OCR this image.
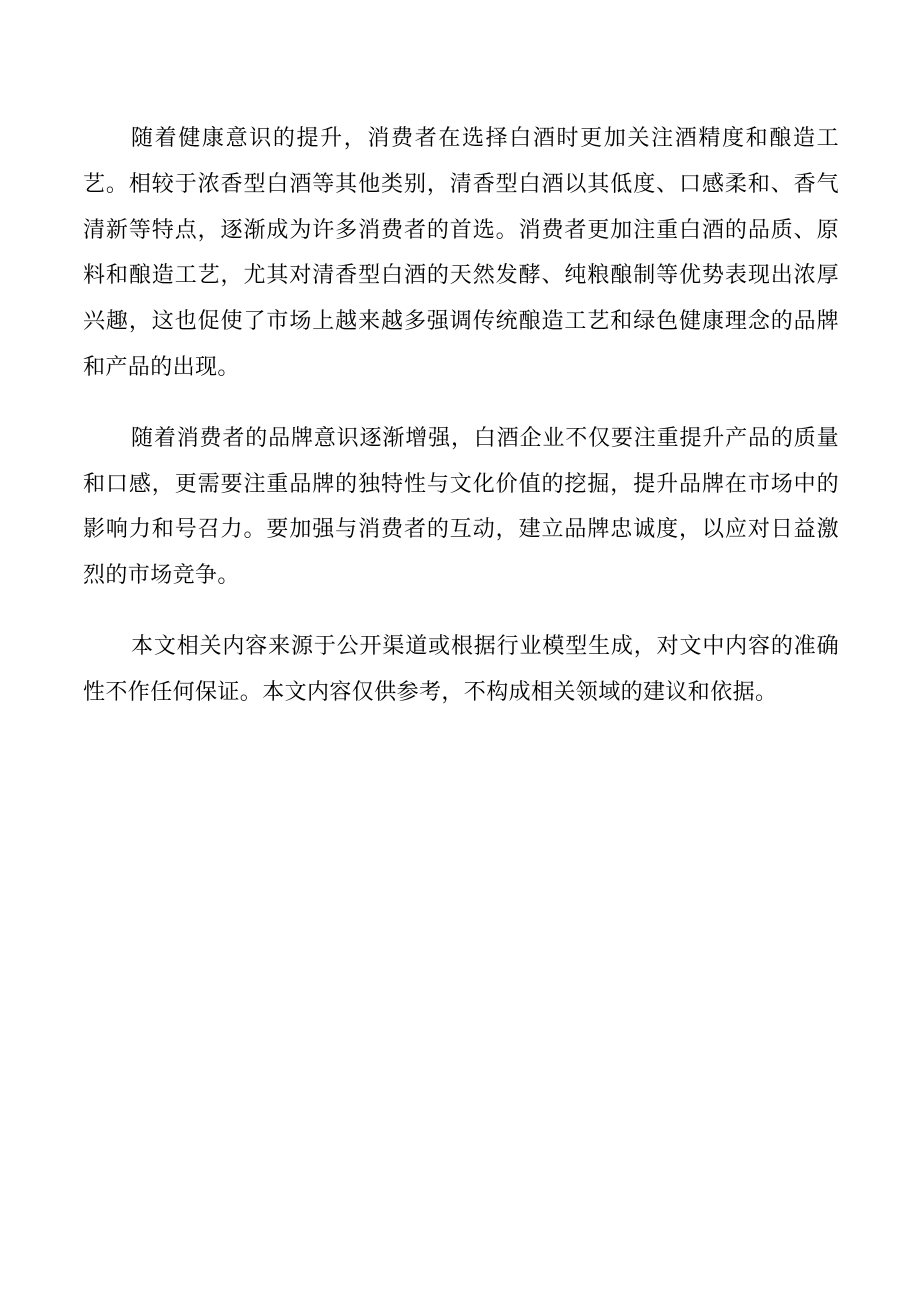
随着健康意识的提升，消费者在选择白酒时更加关注酒精度和酿造工艺。相较于浓香型白酒等其他类别，清香型白酒以其低度、口感柔和、香气清新等特点，逐渐成为许多消费者的首选。消费者更加注重白酒的品质、原料和酿造工艺，尤其对清香型白酒的天然发酵、纯粮酿制等优势表现出浓厚兴趣，这也促使了市场上越来越多强调传统酿造工艺和绿色健康理念的品牌和产品的出现。

随着消费者的品牌意识逐渐增强，白酒企业不仅要注重提升产品的质量和口感，更需要注重品牌的独特性与文化价值的挖掘，提升品牌在市场中的影响力和号召力。要加强与消费者的互动，建立品牌忠诚度，以应对日益激烈的市场竞争。

本文相关内容来源于公开渠道或根据行业模型生成，对文中内容的准确性不作任何保证。本文内容仅供参考，不构成相关领域的建议和依据。
